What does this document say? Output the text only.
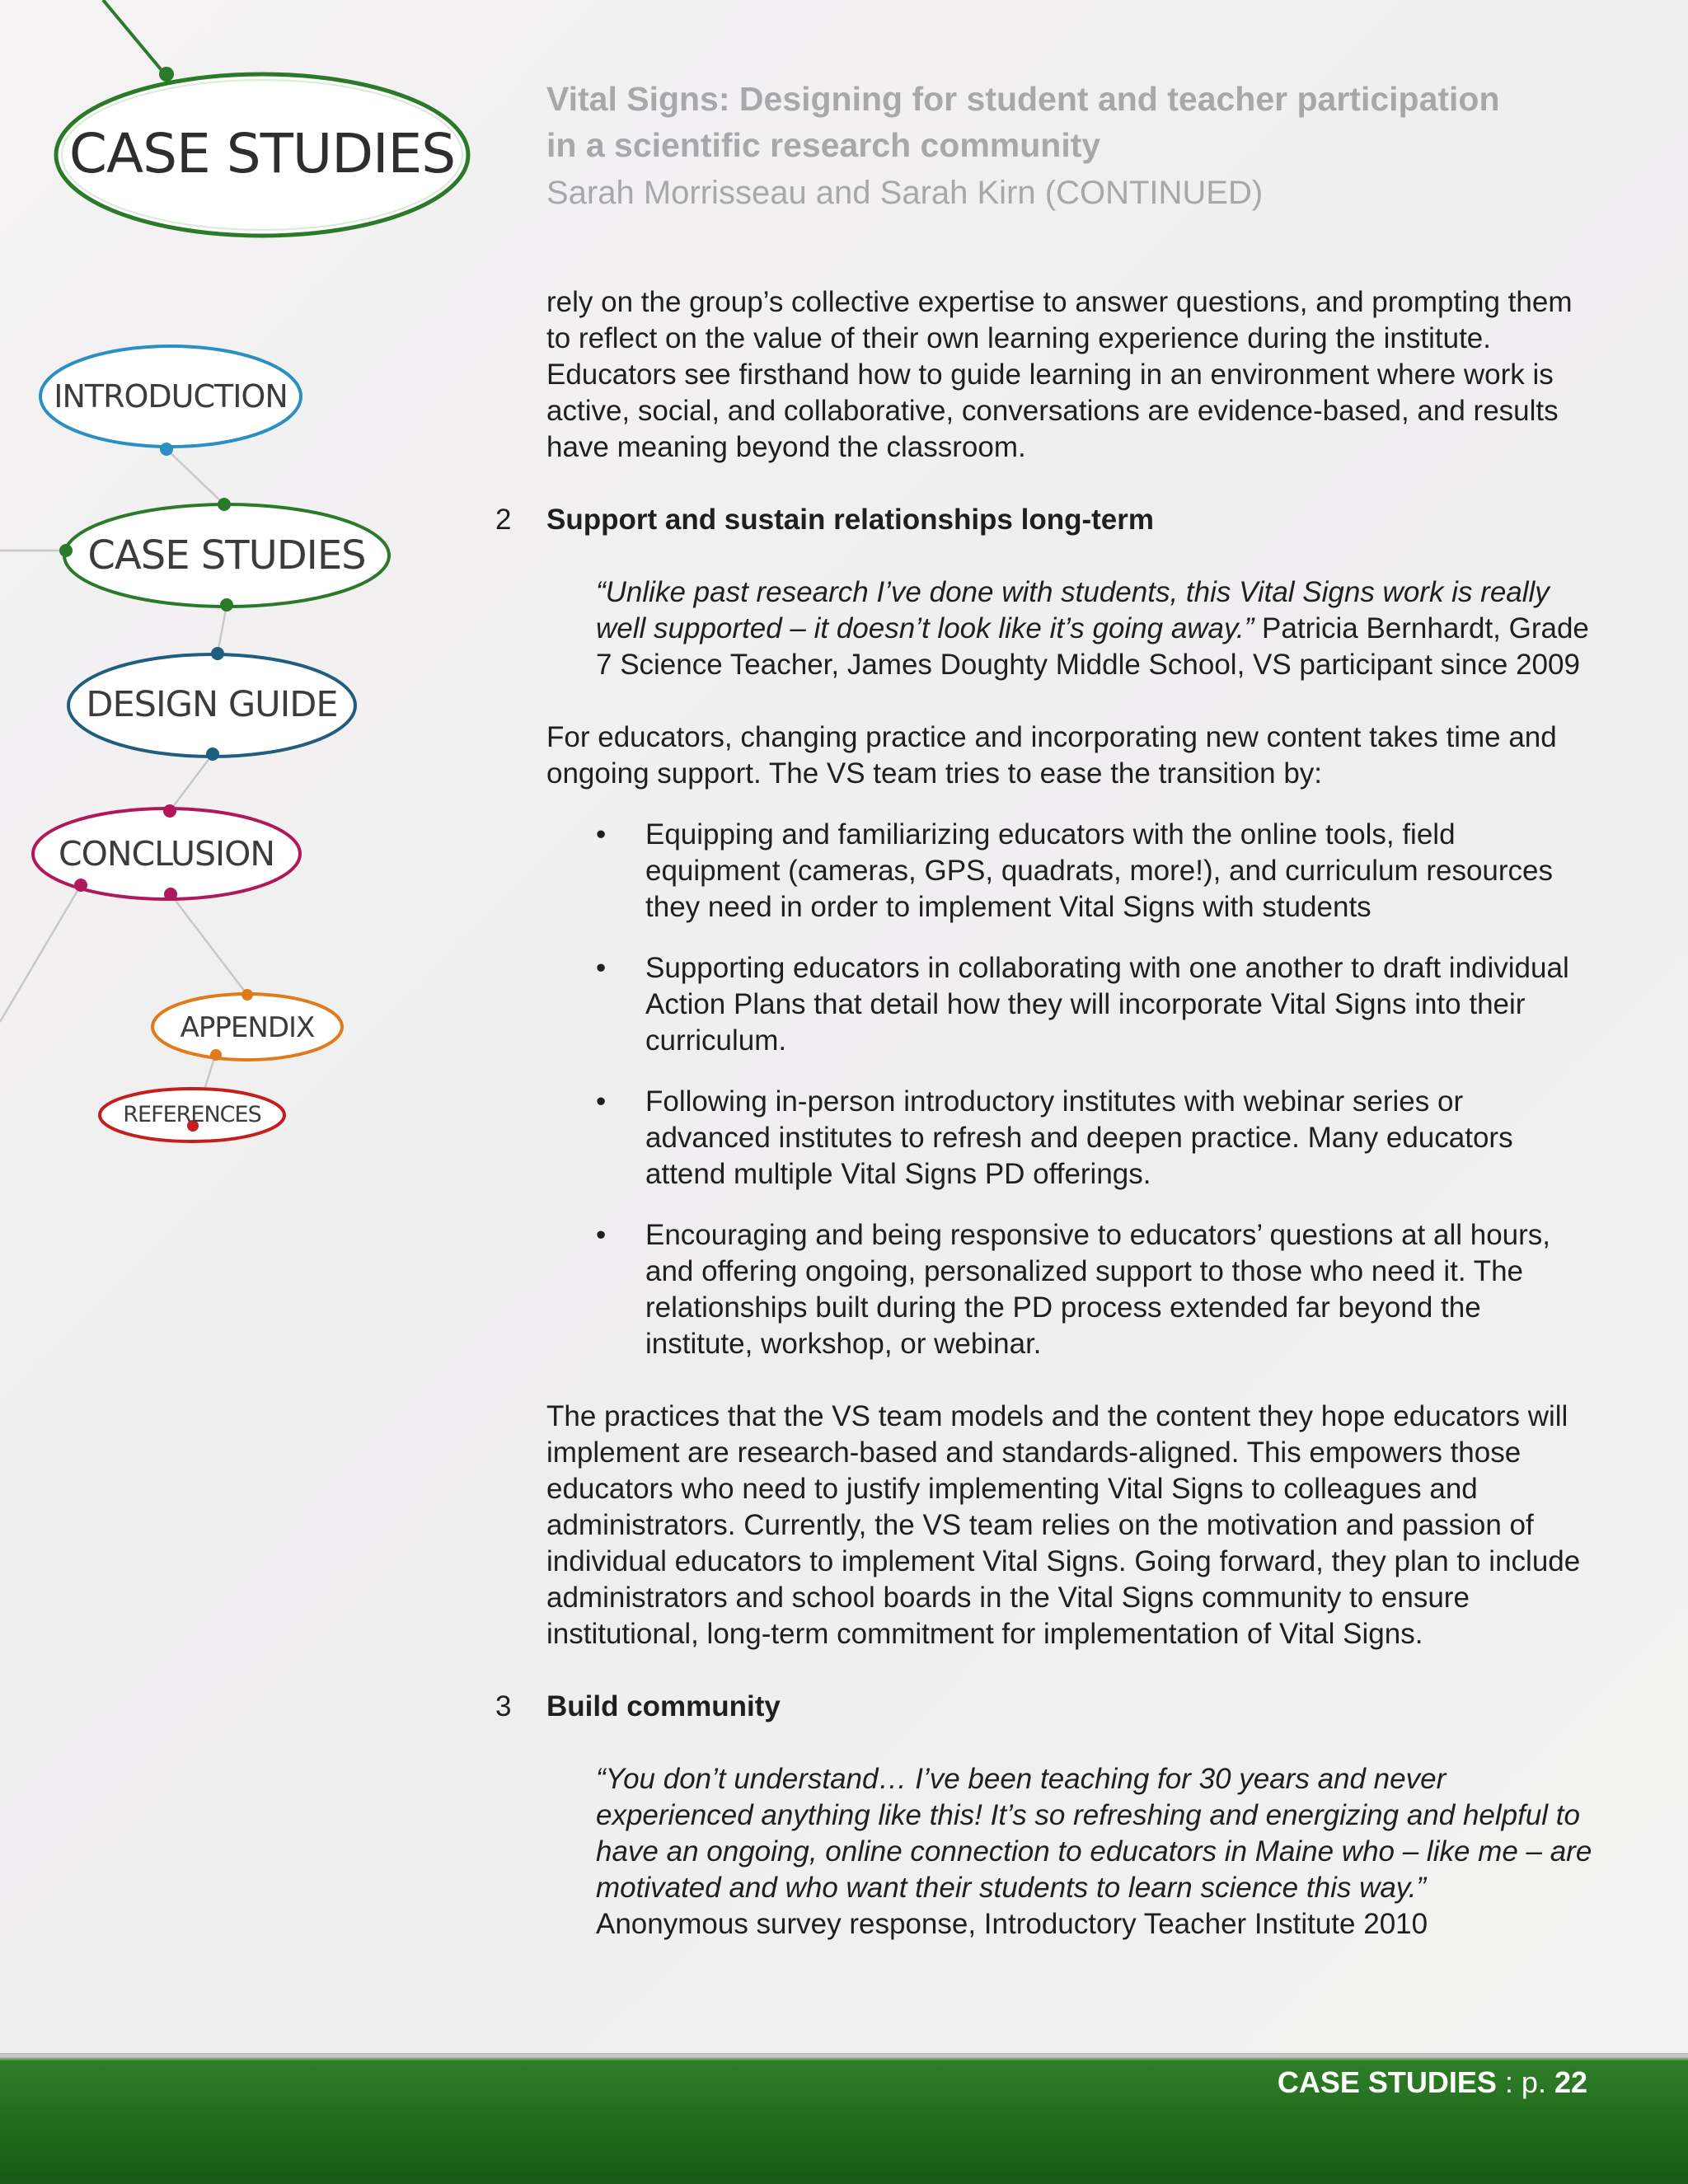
CASE STUDIES
INTRODUCTION
CASE STUDIES
DESIGN GUIDE
CONCLUSION
APPENDIX
REFERENCES
Vital Signs: Designing for student and teacher participation
in a scientific research community
Sarah Morrisseau and Sarah Kirn (CONTINUED)

rely on the group’s collective expertise to answer questions, and prompting them to reflect on the value of their own learning experience during the institute. Educators see firsthand how to guide learning in an environment where work is active, social, and collaborative, conversations are evidence-based, and results have meaning beyond the classroom.

2 Support and sustain relationships long-term

“Unlike past research I’ve done with students, this Vital Signs work is really well supported – it doesn’t look like it’s going away.” Patricia Bernhardt, Grade 7 Science Teacher, James Doughty Middle School, VS participant since 2009

For educators, changing practice and incorporating new content takes time and ongoing support. The VS team tries to ease the transition by:

• Equipping and familiarizing educators with the online tools, field equipment (cameras, GPS, quadrats, more!), and curriculum resources they need in order to implement Vital Signs with students
• Supporting educators in collaborating with one another to draft individual Action Plans that detail how they will incorporate Vital Signs into their curriculum.
• Following in-person introductory institutes with webinar series or advanced institutes to refresh and deepen practice. Many educators attend multiple Vital Signs PD offerings.
• Encouraging and being responsive to educators’ questions at all hours, and offering ongoing, personalized support to those who need it. The relationships built during the PD process extended far beyond the institute, workshop, or webinar.

The practices that the VS team models and the content they hope educators will implement are research-based and standards-aligned. This empowers those educators who need to justify implementing Vital Signs to colleagues and administrators. Currently, the VS team relies on the motivation and passion of individual educators to implement Vital Signs. Going forward, they plan to include administrators and school boards in the Vital Signs community to ensure institutional, long-term commitment for implementation of Vital Signs.

3 Build community

“You don’t understand… I’ve been teaching for 30 years and never experienced anything like this! It’s so refreshing and energizing and helpful to have an ongoing, online connection to educators in Maine who – like me – are motivated and who want their students to learn science this way.”
Anonymous survey response, Introductory Teacher Institute 2010

CASE STUDIES : p. 22
